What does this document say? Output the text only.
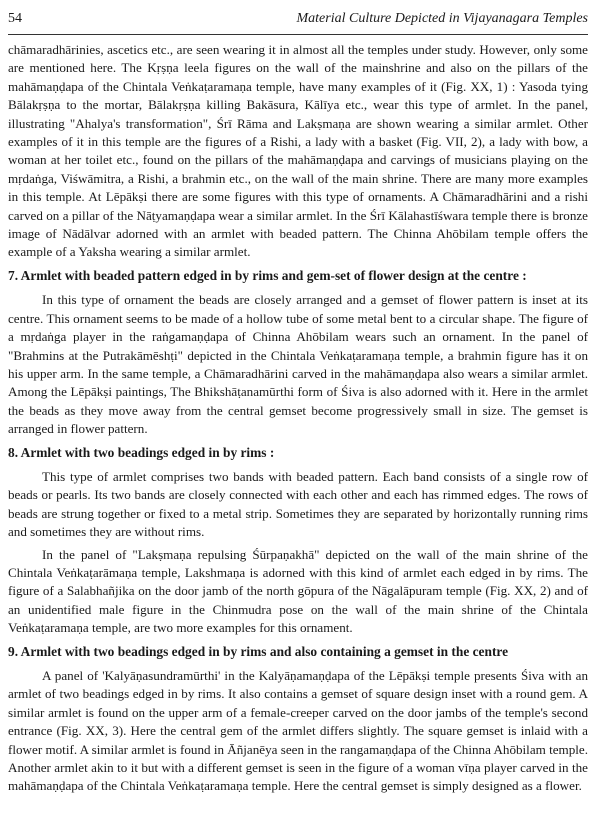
54	Material Culture Depicted in Vijayanagara Temples

chāmaradhārinies, ascetics etc., are seen wearing it in almost all the temples under study. However, only some are mentioned here. The Kṛṣṇa leela figures on the wall of the mainshrine and also on the pillars of the mahāmaṇḍapa of the Chintala Veṅkaṭaramaṇa temple, have many examples of it (Fig. XX, 1) : Yasoda tying Bālakṛṣṇa to the mortar, Bālakṛṣṇa killing Bakāsura, Kālīya etc., wear this type of armlet. In the panel, illustrating "Ahalya's transformation", Śrī Rāma and Lakṣmaṇa are shown wearing a similar armlet. Other examples of it in this temple are the figures of a Rishi, a lady with a basket (Fig. VII, 2), a lady with bow, a woman at her toilet etc., found on the pillars of the mahāmaṇḍapa and carvings of musicians playing on the mṛdaṅga, Viśwāmitra, a Rishi, a brahmin etc., on the wall of the main shrine. There are many more examples in this temple. At Lēpākṣi there are some figures with this type of ornaments. A Chāmaradhārini and a rishi carved on a pillar of the Nāṭyamaṇḍapa wear a similar armlet. In the Śrī Kālahastīśwara temple there is bronze image of Nādālvar adorned with an armlet with beaded pattern. The Chinna Ahōbilam temple offers the example of a Yaksha wearing a similar armlet.

7. Armlet with beaded pattern edged in by rims and gem-set of flower design at the centre :

In this type of ornament the beads are closely arranged and a gemset of flower pattern is inset at its centre. This ornament seems to be made of a hollow tube of some metal bent to a circular shape. The figure of a mṛdaṅga player in the raṅgamaṇḍapa of Chinna Ahōbilam wears such an ornament. In the panel of "Brahmins at the Putrakāmēshṭi" depicted in the Chintala Veṅkaṭaramaṇa temple, a brahmin figure has it on his upper arm. In the same temple, a Chāmaradhārini carved in the mahāmaṇḍapa also wears a similar armlet. Among the Lēpākṣi paintings, The Bhikshāṭanamūrthi form of Śiva is also adorned with it. Here in the armlet the beads as they move away from the central gemset become progressively small in size. The gemset is arranged in flower pattern.

8. Armlet with two beadings edged in by rims :

This type of armlet comprises two bands with beaded pattern. Each band consists of a single row of beads or pearls. Its two bands are closely connected with each other and each has rimmed edges. The rows of beads are strung together or fixed to a metal strip. Sometimes they are separated by horizontally running rims and sometimes they are without rims.

In the panel of "Lakṣmaṇa repulsing Śūrpaṇakhā" depicted on the wall of the main shrine of the Chintala Veṅkaṭarāmaṇa temple, Lakshmaṇa is adorned with this kind of armlet each edged in by rims. The figure of a Salabhañjika on the door jamb of the north gōpura of the Nāgalāpuram temple (Fig. XX, 2) and of an unidentified male figure in the Chinmudra pose on the wall of the main shrine of the Chintala Veṅkaṭaramaṇa temple, are two more examples for this ornament.

9. Armlet with two beadings edged in by rims and also containing a gemset in the centre

A panel of 'Kalyāṇasundramūrthi' in the Kalyāṇamaṇḍapa of the Lēpākṣi temple presents Śiva with an armlet of two beadings edged in by rims. It also contains a gemset of square design inset with a round gem. A similar armlet is found on the upper arm of a female-creeper carved on the door jambs of the temple's second entrance (Fig. XX, 3). Here the central gem of the armlet differs slightly. The square gemset is inlaid with a flower motif. A similar armlet is found in Āñjanēya seen in the rangamaṇḍapa of the Chinna Ahōbilam temple. Another armlet akin to it but with a different gemset is seen in the figure of a woman vīṇa player carved in the mahāmaṇḍapa of the Chintala Veṅkaṭaramaṇa temple. Here the central gemset is simply designed as a flower.
